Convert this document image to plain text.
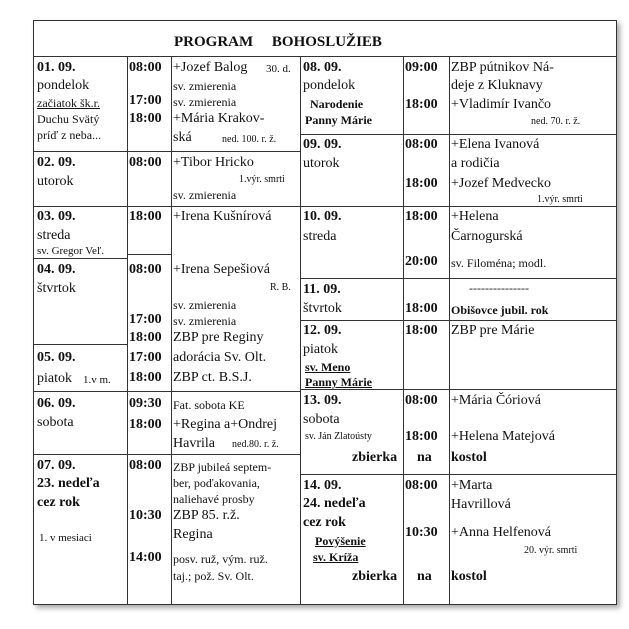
PROGRAM     BOHOSLUŽIEB
01. 09.
pondelok
začiatok šk.r.
Duchu Svätý
príď z neba...
08:00
17:00
18:00
+Jozef Balog 30. d.
sv. zmierenia
sv. zmierenia
+Mária Krakov-
ská	ned. 100. r. ž.
02. 09.
utorok
08:00 +Tibor Hricko
1.výr. smrti
sv. zmierenia
03. 09.
streda
sv. Gregor Veľ.
18:00 +Irena Kušnírová
04. 09.
štvrtok
08:00
17:00
18:00
+Irena Sepešiová
R. B.
sv. zmierenia
sv. zmierenia
ZBP pre Reginy
05. 09.
piatok 1.v m.
17:00
18:00
adorácia Sv. Olt.
ZBP ct. B.S.J.
06. 09.
sobota
09:30
18:00
Fat. sobota KE
+Regina a+Ondrej
Havrila ned.80. r. ž.
07. 09.
23. nedeľa
cez rok
1. v mesiaci
08:00
10:30
14:00
ZBP jubileá septem-
ber, poďakovania,
naliehavé prosby
ZBP 85. r.ž.
Regina
posv. ruž, vým. ruž.
taj.; pož. Sv. Olt.
08. 09.
pondelok
Narodenie
Panny Márie
09:00
18:00
ZBP pútnikov Ná-
deje z Kluknavy
+Vladimír Ivančo
ned. 70. r. ž.
09. 09.
utorok
08:00
18:00
+Elena Ivanová
a rodičia
+Jozef Medvecko
1.výr. smrti
10. 09.
streda
18:00
20:00
+Helena
Čarnogurská
sv. Filoména; modl.
11. 09.
štvrtok
---------------
18:00 Obišovce jubil. rok
12. 09.
piatok
sv. Meno
Panny Márie
18:00 ZBP pre Márie
13. 09.
sobota
sv. Ján Zlatoústy
zbierka na kostol
08:00
18:00
+Mária Čóriová
+Helena Matejová
14. 09.
24. nedeľa
cez rok
Povýšenie
sv. Kríža
zbierka na kostol
08:00
10:30
+Marta
Havrillová
+Anna Helfenová
20. výr. smrti
